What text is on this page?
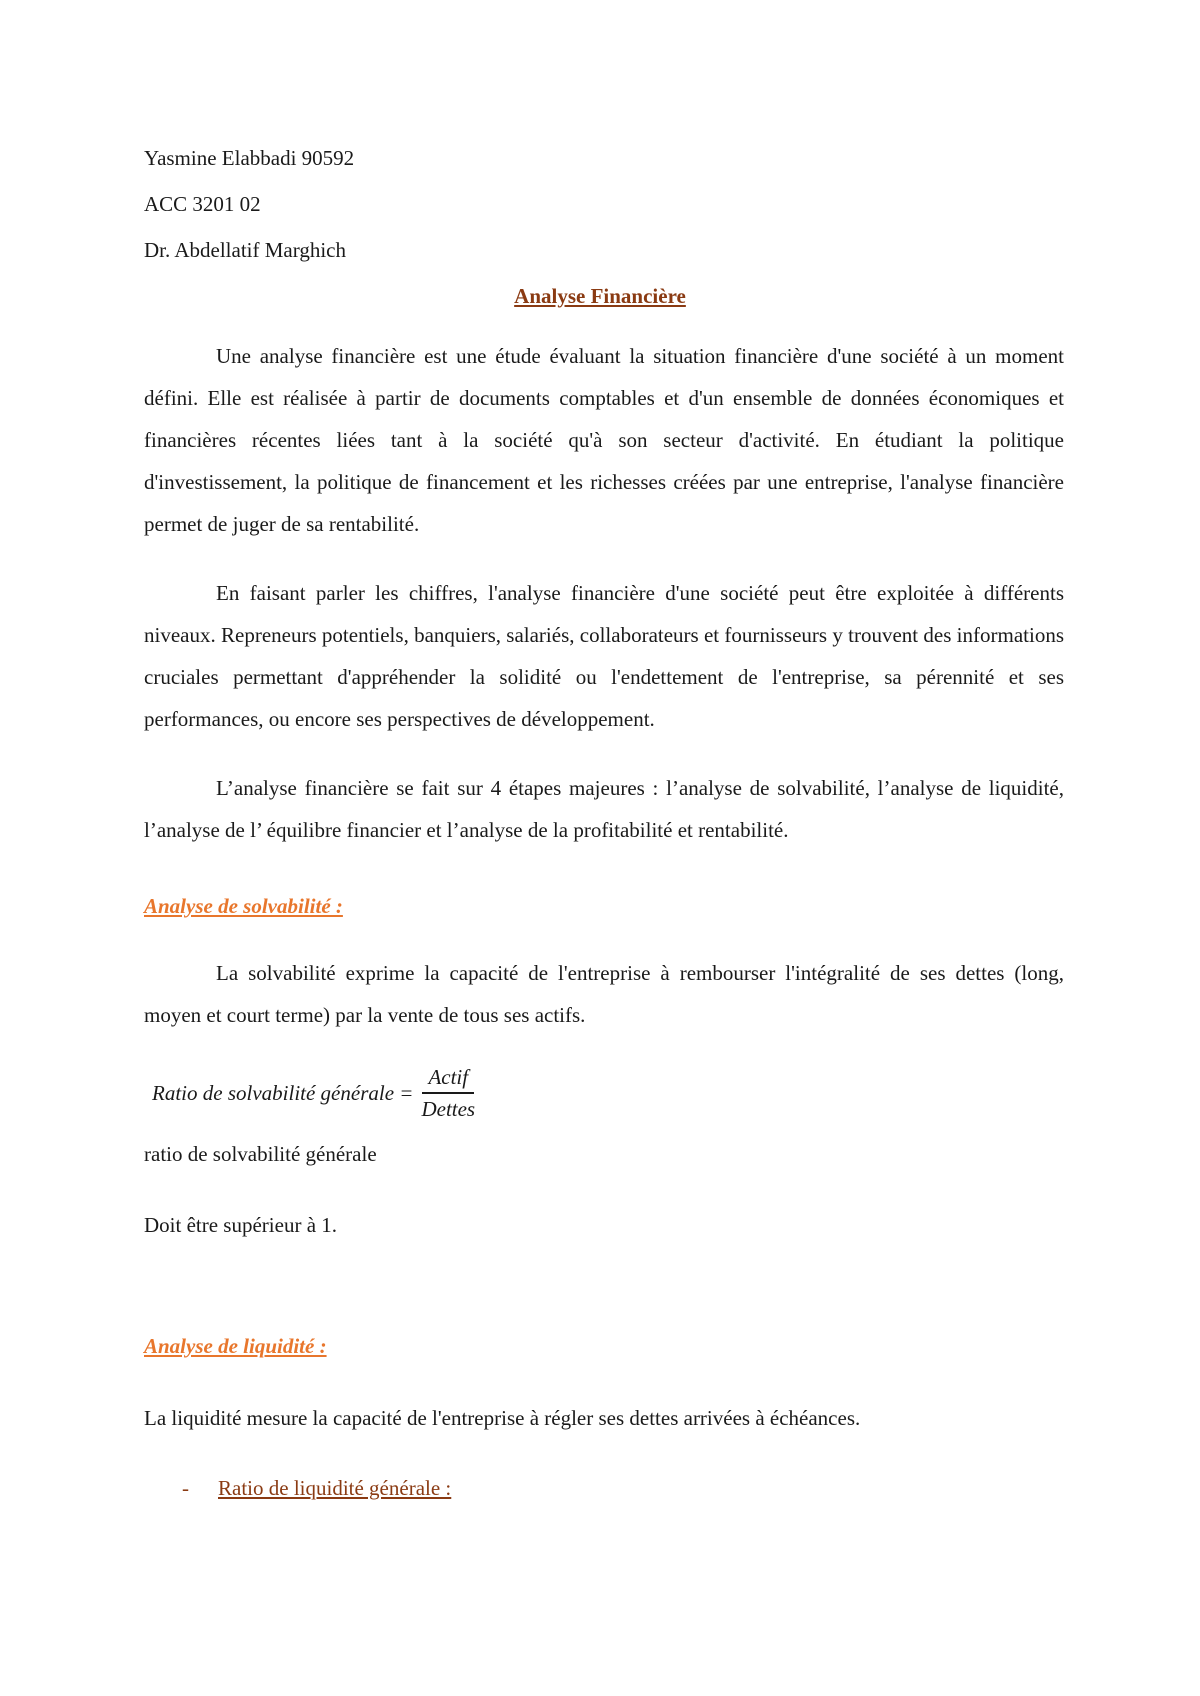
Yasmine Elabbadi 90592
ACC 3201 02
Dr. Abdellatif Marghich
Analyse Financière
Une analyse financière est une étude évaluant la situation financière d'une société à un moment défini. Elle est réalisée à partir de documents comptables et d'un ensemble de données économiques et financières récentes liées tant à la société qu'à son secteur d'activité. En étudiant la politique d'investissement, la politique de financement et les richesses créées par une entreprise, l'analyse financière permet de juger de sa rentabilité.
En faisant parler les chiffres, l'analyse financière d'une société peut être exploitée à différents niveaux. Repreneurs potentiels, banquiers, salariés, collaborateurs et fournisseurs y trouvent des informations cruciales permettant d'appréhender la solidité ou l'endettement de l'entreprise, sa pérennité et ses performances, ou encore ses perspectives de développement.
L’analyse financière se fait sur 4 étapes majeures : l’analyse de solvabilité, l’analyse de liquidité, l’analyse de l’ équilibre financier et l’analyse de la profitabilité et rentabilité.
Analyse de solvabilité :
La solvabilité exprime la capacité de l'entreprise à rembourser l'intégralité de ses dettes (long, moyen et court terme) par la vente de tous ses actifs.
Ratio de solvabilité générale = $\frac{\text{Actif}}{\text{Dettes}}$
ratio de solvabilité générale
Doit être supérieur à 1.
Analyse de liquidité :
La liquidité mesure la capacité de l'entreprise à régler ses dettes arrivées à échéances.
- Ratio de liquidité générale :
